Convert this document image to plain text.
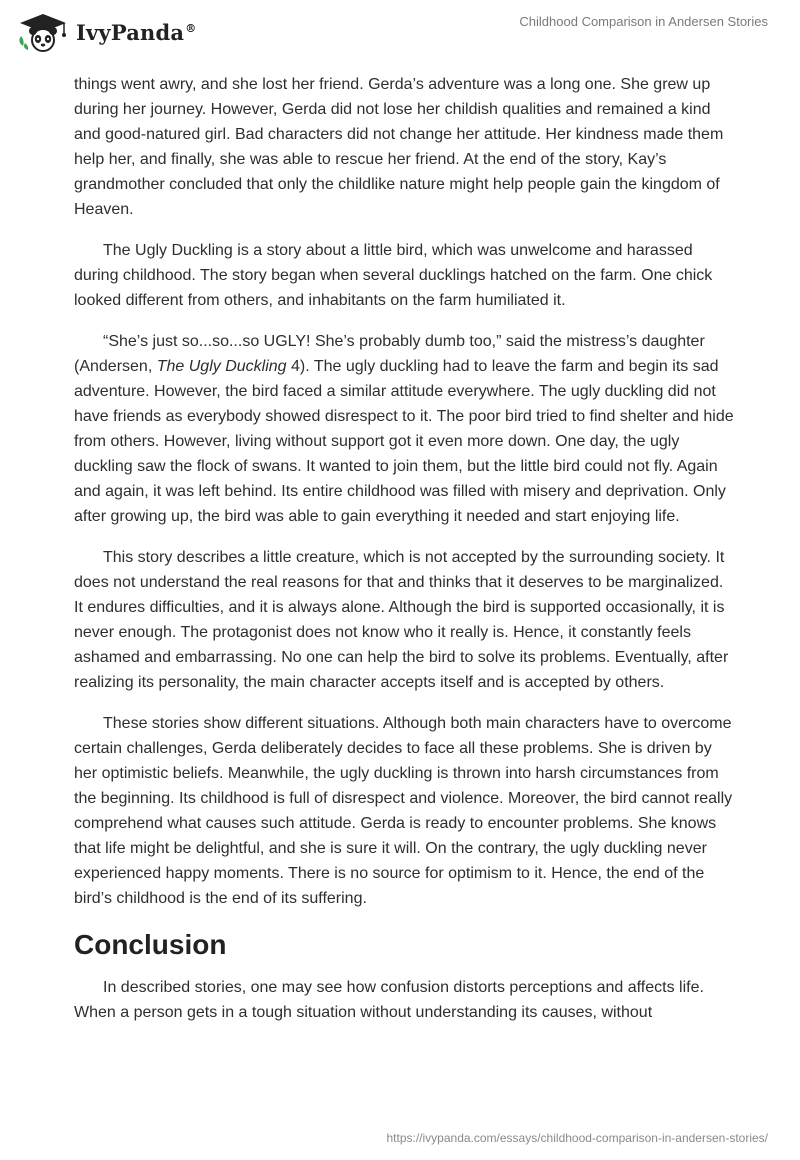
IvyPanda®	Childhood Comparison in Andersen Stories

things went awry, and she lost her friend. Gerda’s adventure was a long one. She grew up during her journey. However, Gerda did not lose her childish qualities and remained a kind and good-natured girl. Bad characters did not change her attitude. Her kindness made them help her, and finally, she was able to rescue her friend. At the end of the story, Kay’s grandmother concluded that only the childlike nature might help people gain the kingdom of Heaven.

The Ugly Duckling is a story about a little bird, which was unwelcome and harassed during childhood. The story began when several ducklings hatched on the farm. One chick looked different from others, and inhabitants on the farm humiliated it.

“She’s just so...so...so UGLY! She’s probably dumb too,” said the mistress’s daughter (Andersen, The Ugly Duckling 4). The ugly duckling had to leave the farm and begin its sad adventure. However, the bird faced a similar attitude everywhere. The ugly duckling did not have friends as everybody showed disrespect to it. The poor bird tried to find shelter and hide from others. However, living without support got it even more down. One day, the ugly duckling saw the flock of swans. It wanted to join them, but the little bird could not fly. Again and again, it was left behind. Its entire childhood was filled with misery and deprivation. Only after growing up, the bird was able to gain everything it needed and start enjoying life.

This story describes a little creature, which is not accepted by the surrounding society. It does not understand the real reasons for that and thinks that it deserves to be marginalized. It endures difficulties, and it is always alone. Although the bird is supported occasionally, it is never enough. The protagonist does not know who it really is. Hence, it constantly feels ashamed and embarrassing. No one can help the bird to solve its problems. Eventually, after realizing its personality, the main character accepts itself and is accepted by others.

These stories show different situations. Although both main characters have to overcome certain challenges, Gerda deliberately decides to face all these problems. She is driven by her optimistic beliefs. Meanwhile, the ugly duckling is thrown into harsh circumstances from the beginning. Its childhood is full of disrespect and violence. Moreover, the bird cannot really comprehend what causes such attitude. Gerda is ready to encounter problems. She knows that life might be delightful, and she is sure it will. On the contrary, the ugly duckling never experienced happy moments. There is no source for optimism to it. Hence, the end of the bird’s childhood is the end of its suffering.

Conclusion

In described stories, one may see how confusion distorts perceptions and affects life. When a person gets in a tough situation without understanding its causes, without

https://ivypanda.com/essays/childhood-comparison-in-andersen-stories/
